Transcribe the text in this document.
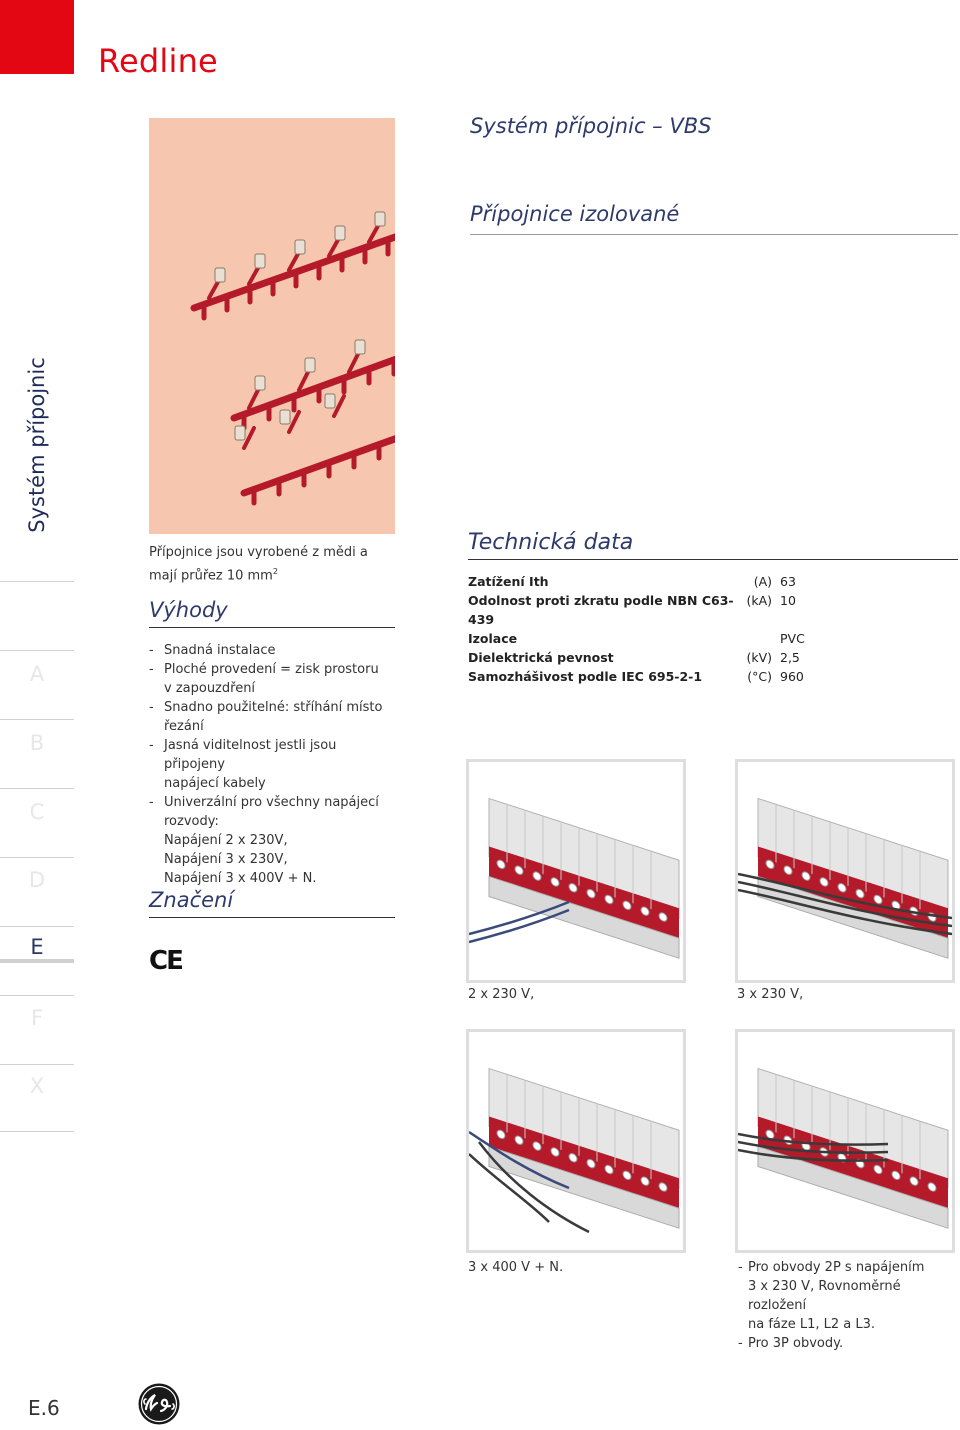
Redline
Systém přípojnic – VBS
Přípojnice izolované
Systém přípojnic
A
B
C
D
E
F
X
Přípojnice jsou vyrobené z mědi a mají průřez 10 $mm^2$
Výhody
- Snadná instalace
- Ploché provedení = zisk prostoru
v zapouzdření
- Snadno použitelné: stříhání místo
řezání
- Jasná viditelnost jestli jsou připojeny
napájecí kabely
- Univerzální pro všechny napájecí
rozvody:
Napájení 2 x 230V,
Napájení 3 x 230V,
Napájení 3 x 400V + N.
Značení
CE
Technická data
Zatížení Ith	(A)	63
Odolnost proti zkratu podle NBN C63-439	(kA)	10
Izolace		PVC
Dielektrická pevnost	(kV)	2,5
Samozhášivost podle IEC 695-2-1	(°C)	960
2 x 230 V,	3 x 230 V,
3 x 400 V + N.	- Pro obvody 2P s napájením
3 x 230 V, Rovnoměrné rozložení
na fáze L1, L2 a L3.
- Pro 3P obvody.
E.6
